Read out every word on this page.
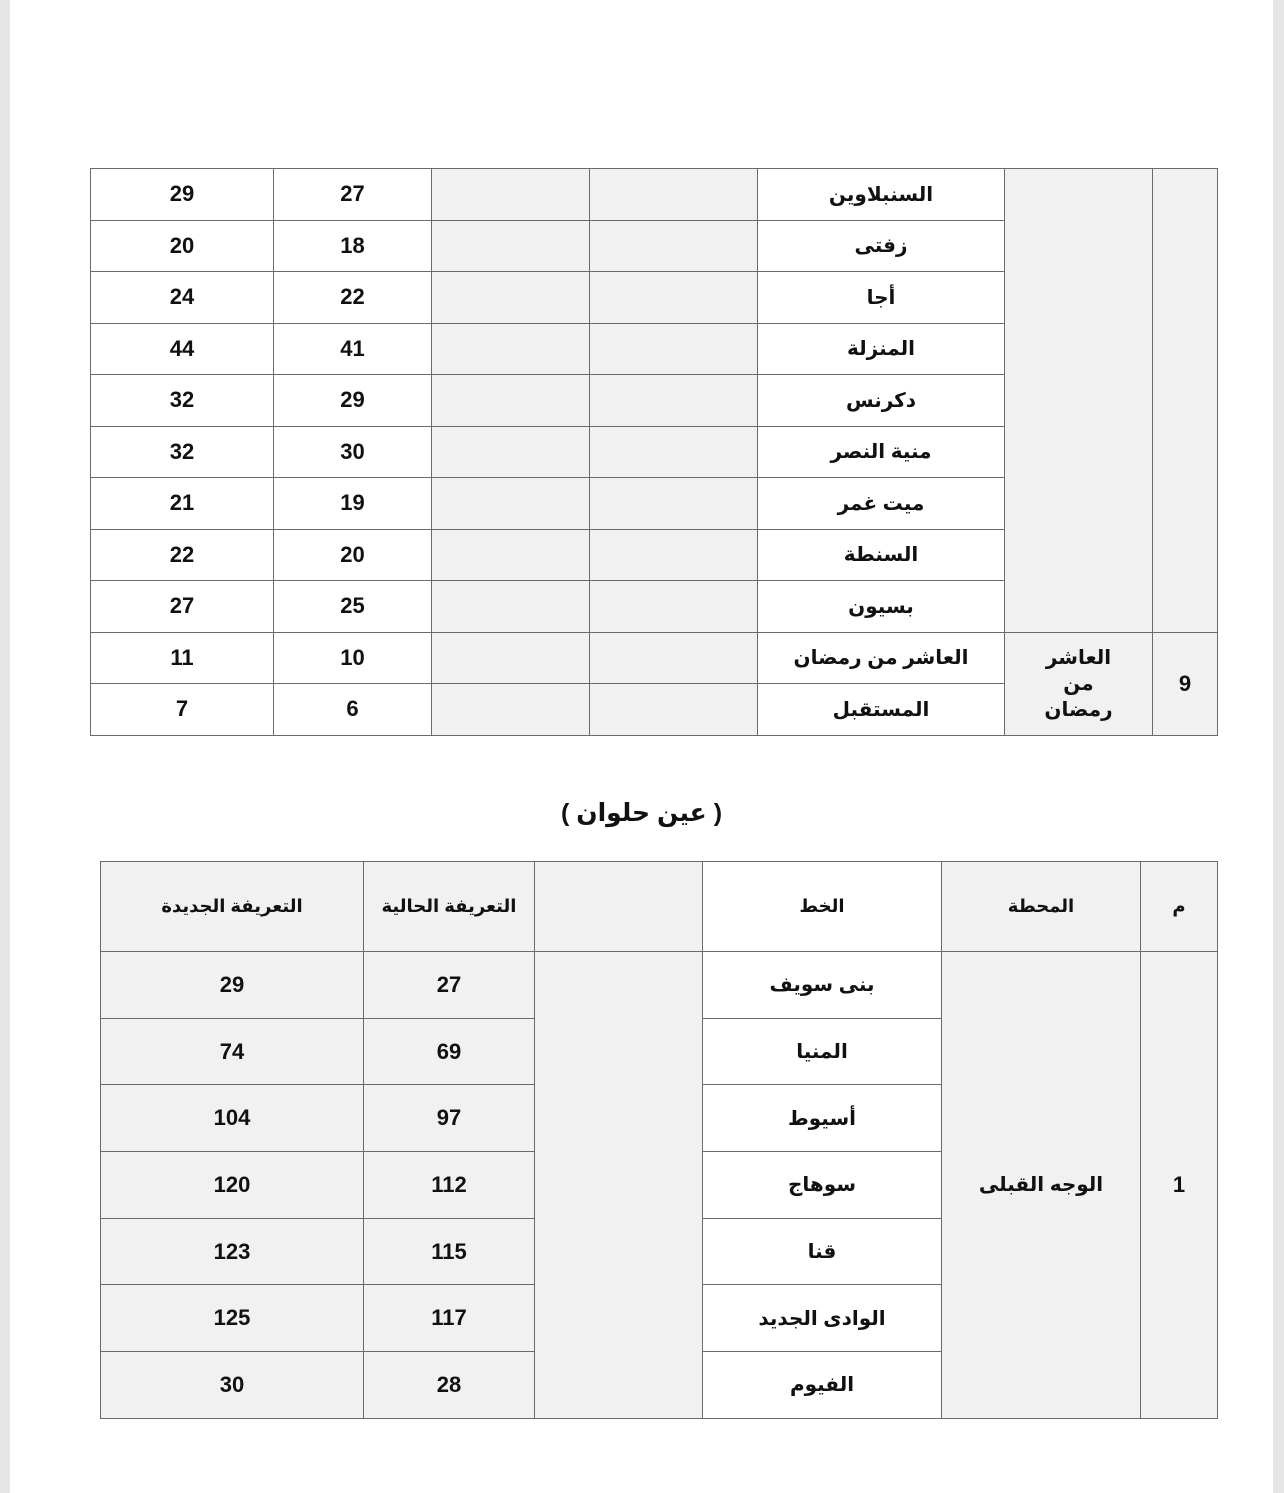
29	27			السنبلاوين		
20	18			زفتى		
24	22			أجا		
44	41			المنزلة		
32	29			دكرنس		
32	30			منية النصر		
21	19			ميت غمر		
22	20			السنطة		
27	25			بسيون		
11	10			العاشر من رمضان	العاشر من رمضان	9
7	6			المستقبل		
( عين حلوان )
التعريفة الجديدة	التعريفة الحالية		الخط	المحطة	م
29	27		بنى سويف	الوجه القبلى	1
74	69		المنيا		
104	97		أسيوط		
120	112		سوهاج		
123	115		قنا		
125	117		الوادى الجديد		
30	28		الفيوم		
